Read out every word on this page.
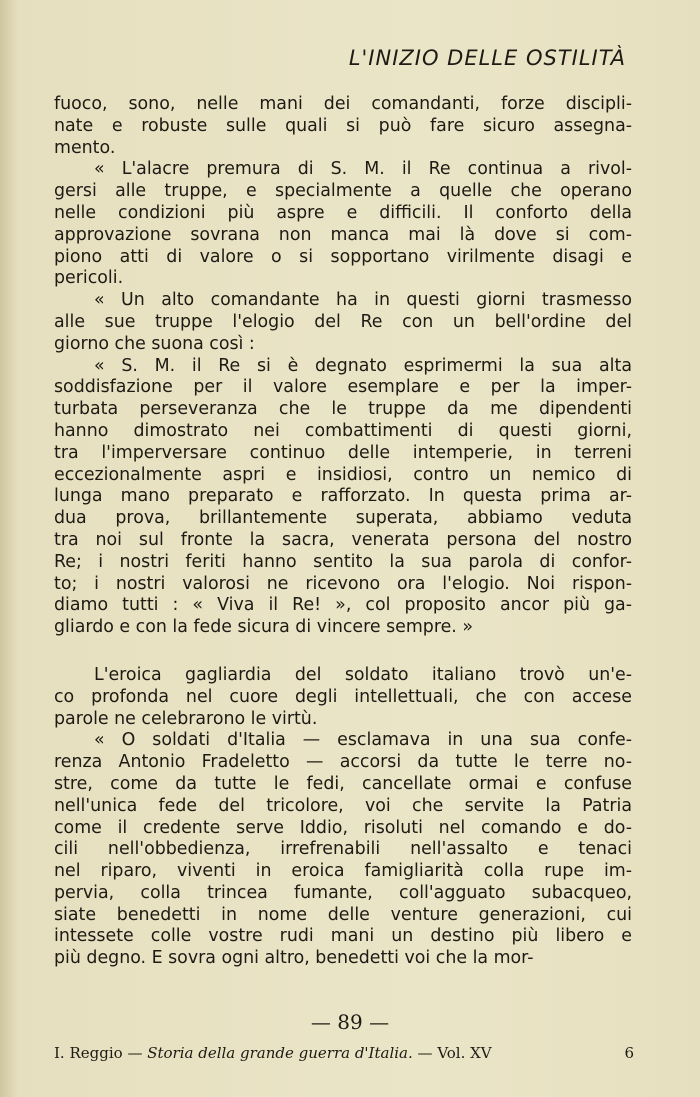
L'INIZIO DELLE OSTILITÀ
fuoco, sono, nelle mani dei comandanti, forze discipli-
nate e robuste sulle quali si può fare sicuro assegna-
mento.
« L'alacre premura di S. M. il Re continua a rivol-
gersi alle truppe, e specialmente a quelle che operano
nelle condizioni più aspre e difficili. Il conforto della
approvazione sovrana non manca mai là dove si com-
piono atti di valore o si sopportano virilmente disagi e
pericoli.
« Un alto comandante ha in questi giorni trasmesso
alle sue truppe l'elogio del Re con un bell'ordine del
giorno che suona così :
« S. M. il Re si è degnato esprimermi la sua alta
soddisfazione per il valore esemplare e per la imper-
turbata perseveranza che le truppe da me dipendenti
hanno dimostrato nei combattimenti di questi giorni,
tra l'imperversare continuo delle intemperie, in terreni
eccezionalmente aspri e insidiosi, contro un nemico di
lunga mano preparato e rafforzato. In questa prima ar-
dua prova, brillantemente superata, abbiamo veduta
tra noi sul fronte la sacra, venerata persona del nostro
Re; i nostri feriti hanno sentito la sua parola di confor-
to; i nostri valorosi ne ricevono ora l'elogio. Noi rispon-
diamo tutti : « Viva il Re! », col proposito ancor più ga-
gliardo e con la fede sicura di vincere sempre. »
L'eroica gagliardia del soldato italiano trovò un'e-
co profonda nel cuore degli intellettuali, che con accese
parole ne celebrarono le virtù.
« O soldati d'Italia — esclamava in una sua confe-
renza Antonio Fradeletto — accorsi da tutte le terre no-
stre, come da tutte le fedi, cancellate ormai e confuse
nell'unica fede del tricolore, voi che servite la Patria
come il credente serve Iddio, risoluti nel comando e do-
cili nell'obbedienza, irrefrenabili nell'assalto e tenaci
nel riparo, viventi in eroica famigliarità colla rupe im-
pervia, colla trincea fumante, coll'agguato subacqueo,
siate benedetti in nome delle venture generazioni, cui
intessete colle vostre rudi mani un destino più libero e
più degno. E sovra ogni altro, benedetti voi che la mor-
— 89 —
I. Reggio — Storia della grande guerra d'Italia. — Vol. XV	6
